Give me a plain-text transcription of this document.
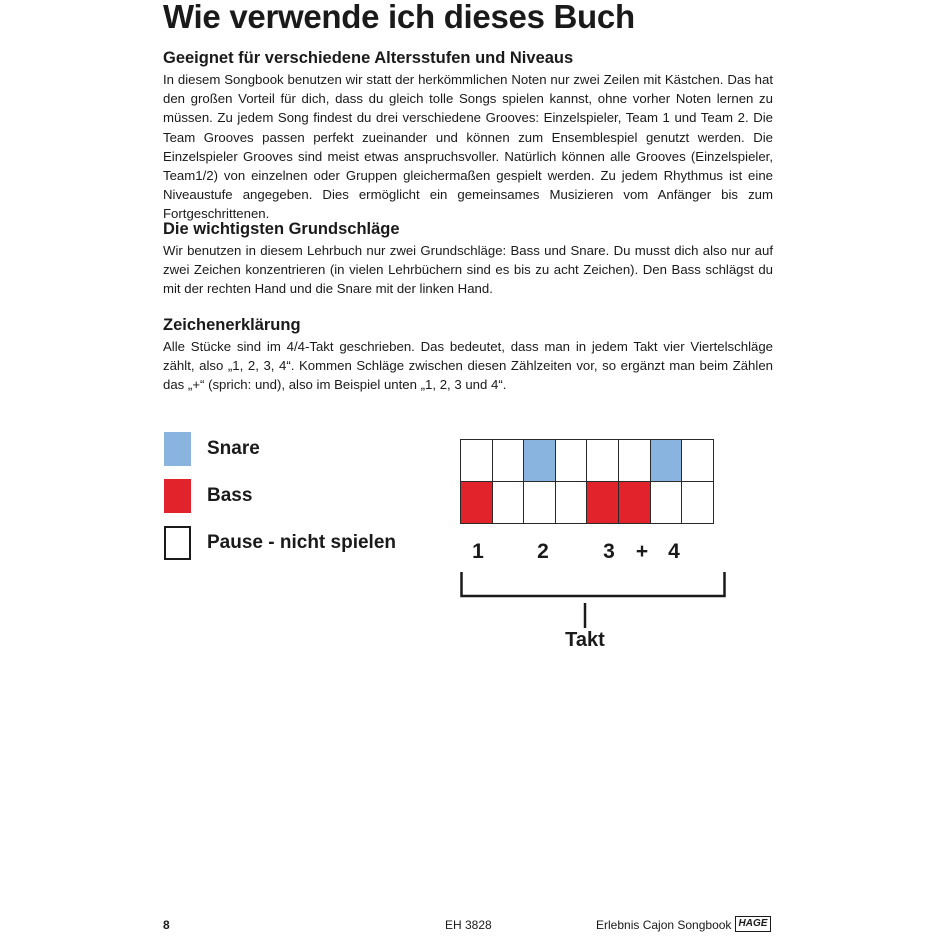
Wie verwende ich dieses Buch
Geeignet für verschiedene Altersstufen und Niveaus

In diesem Songbook benutzen wir statt der herkömmlichen Noten nur zwei Zeilen mit Kästchen. Das hat den großen Vorteil für dich, dass du gleich tolle Songs spielen kannst, ohne vorher Noten lernen zu müssen. Zu jedem Song findest du drei verschiedene Grooves: Einzelspieler, Team 1 und Team 2. Die Team Grooves passen perfekt zueinander und können zum Ensemblespiel genutzt werden. Die Einzelspieler Grooves sind meist etwas anspruchsvoller. Natürlich können alle Grooves (Einzelspieler, Team1/2) von einzelnen oder Gruppen gleichermaßen gespielt werden. Zu jedem Rhythmus ist eine Niveaustufe angegeben. Dies ermöglicht ein gemeinsames Musizieren vom Anfänger bis zum Fortgeschrittenen.

Die wichtigsten Grundschläge

Wir benutzen in diesem Lehrbuch nur zwei Grundschläge: Bass und Snare. Du musst dich also nur auf zwei Zeichen konzentrieren (in vielen Lehrbüchern sind es bis zu acht Zeichen). Den Bass schlägst du mit der rechten Hand und die Snare mit der linken Hand.

Zeichenerklärung

Alle Stücke sind im 4/4-Takt geschrieben. Das bedeutet, dass man in jedem Takt vier Viertelschläge zählt, also „1, 2, 3, 4“. Kommen Schläge zwischen diesen Zählzeiten vor, so ergänzt man beim Zählen das „+“ (sprich: und), also im Beispiel unten „1, 2, 3 und 4“.

Snare
Bass
Pause - nicht spielen	1	2	3 + 4
Takt
8	EH 3828	Erlebnis Cajon Songbook HAGE
